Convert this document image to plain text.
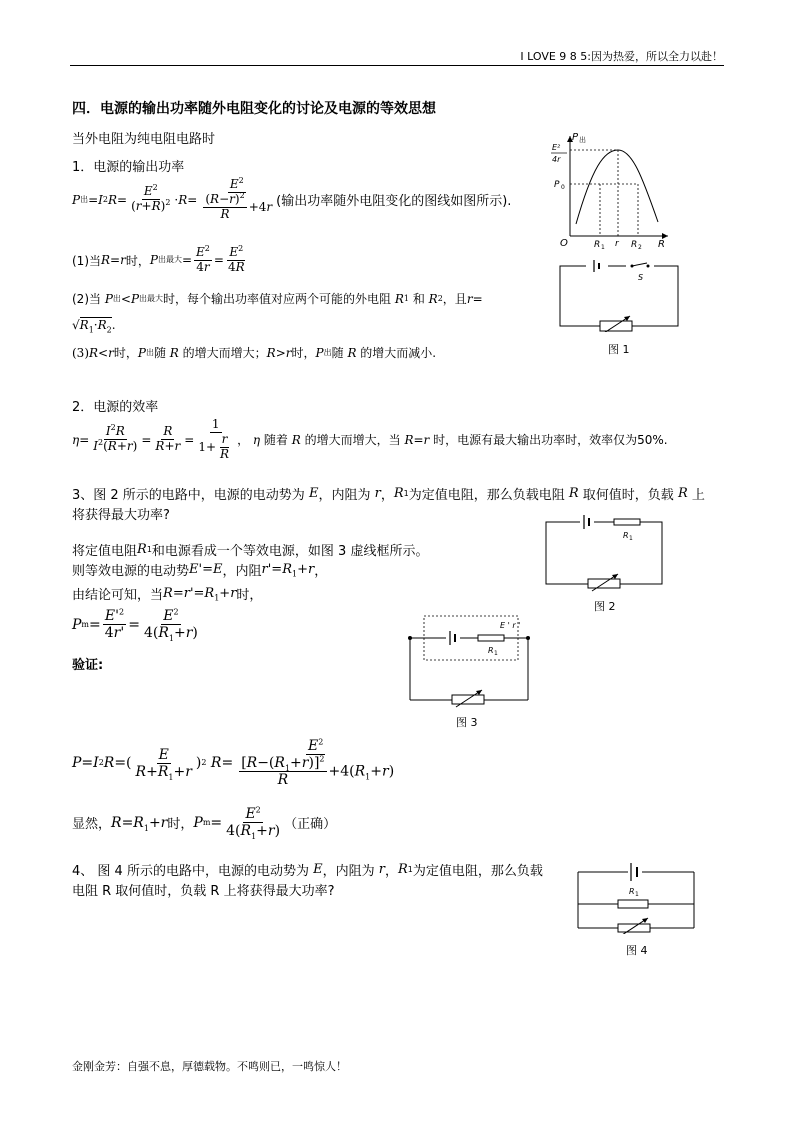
I LOVE 9 8 5:因为热爱，所以全力以赴！
四．电源的输出功率随外电阻变化的讨论及电源的等效思想
当外电阻为纯电阻电路时
1．电源的输出功率
P 出 = I 2 $R = \frac{E^2}{(r+R)^2} \cdot R = \frac{E^2}{\frac{(R-r)^2}{R} +4r}$ (输出功率随外电阻变化的图线如图所示).
(1)当 R = r 时， P 出最大 = $\frac{E^2}{4r} = \frac{E^2}{4R}$
(2)当 P 出 < P 出最大 时，每个输出功率值对应两个可能的外电阻 R 1
和 R 2 ，且 r =
$√R_1\cdot R_2$.
(3) R < r 时， P 出 随 R 的增大而增大； R > r 时， P 出 随 R 的增大而减小.
2．电源的效率
$\eta = \frac{I^2R}{I^2(R+r)} = \frac{R}{R+r} = \frac{1}{1+ \frac{r}{R}}$ ， η 随着 R 的增大而增大，当 R = r 时，电源有最大输出功率时，效率仅为50%.
3、图 2 所示的电路中，电源的电动势为 E ，内阻为 r ， R 1 为定值电阻，那么负载电阻 R 取何值时，负载 R 上
将获得最大功率?
将定值电阻 R 1 和电源看成一个等效电源，如图 3 虚线框所示。
则等效电源的电动势 E'=E ，内阻 $r'=R_1+r$ ，
由结论可知，当 $R=r'=R_1+r$ 时，
P $m = \frac{E'^2}{4r'} = \frac{E^2}{4(R_1+r)}$
验证:
P = I 2 R =( $\frac{E}{R+R_1+r}$ ) 2 $R = \frac{E^2}{\frac{[R-(R_1+r)]^2}{R} +4(R_1+r)}$
显然， $R=R_1+r$ 时， P $m = \frac{E^2}{4(R_1+r)}$ （正确）
4、 图 4 所示的电路中，电源的电动势为 E ，内阻为 r ， R 1 为定值电阻，那么负载
电阻 R 取何值时，负载 R 上将获得最大功率?
P 出
E²
4r
P 0
O	R 1 r R 2 R
S
图 1
R 1
图 2
E ' r '
R 1
图 3
R 1
图 4
金刚金芳：自强不息，厚德载物。不鸣则已，一鸣惊人！
